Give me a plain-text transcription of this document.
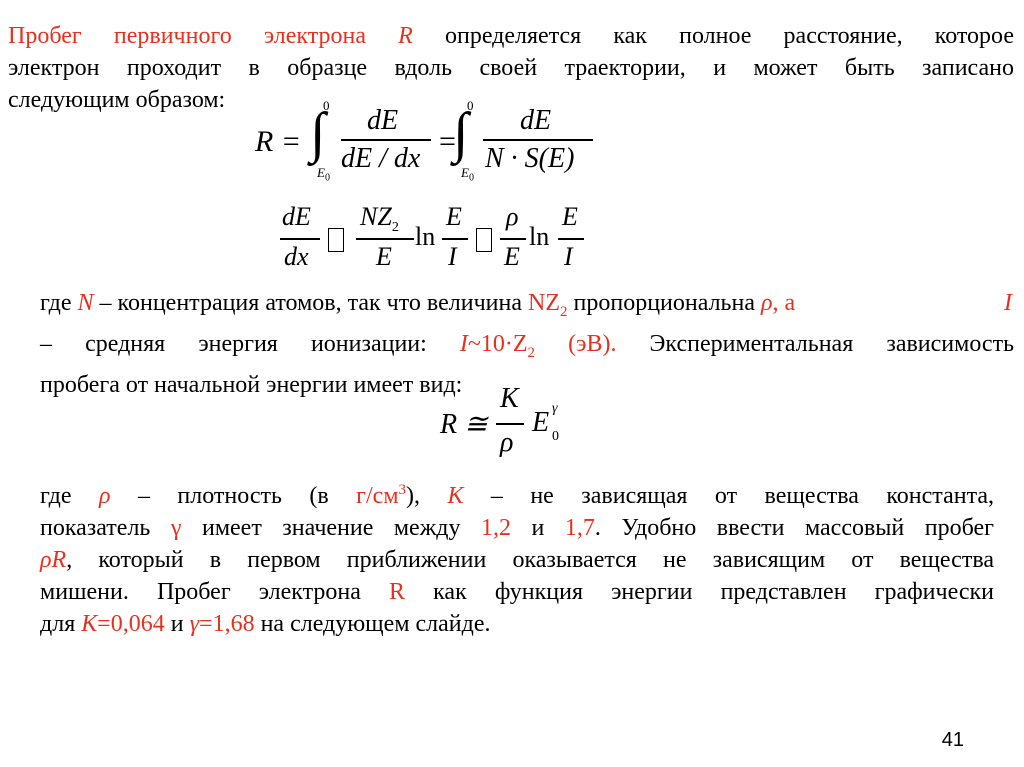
Пробег первичного электрона R определяется как полное расстояние, которое
электрон проходит в образце вдоль своей траектории, и может быть записано
следующим образом:
R = ∫
0
$E_0$
dE
dE / dx
=
∫
0
$E_0$
dE
N · S(E)
dE
dx
$NZ_2$
E
ln
E
I
ρ
E
ln
E
I
где N – концентрация атомов, так что величина $NZ_2$ пропорциональна ρ, а	I
– средняя энергия ионизации: $I\sim 10\cdot Z_2$ (эВ). Экспериментальная зависимость
пробега от начальной энергии имеет вид:
R ≅
K
ρ
E γ
0
где ρ – плотность (в $г/см^3$), К – не зависящая от вещества константа,
показатель γ имеет значение между 1,2 и 1,7. Удобно ввести массовый пробег
ρR, который в первом приближении оказывается не зависящим от вещества
мишени. Пробег электрона R как функция энергии представлен графически
для К=0,064 и γ=1,68 на следующем слайде.
41
